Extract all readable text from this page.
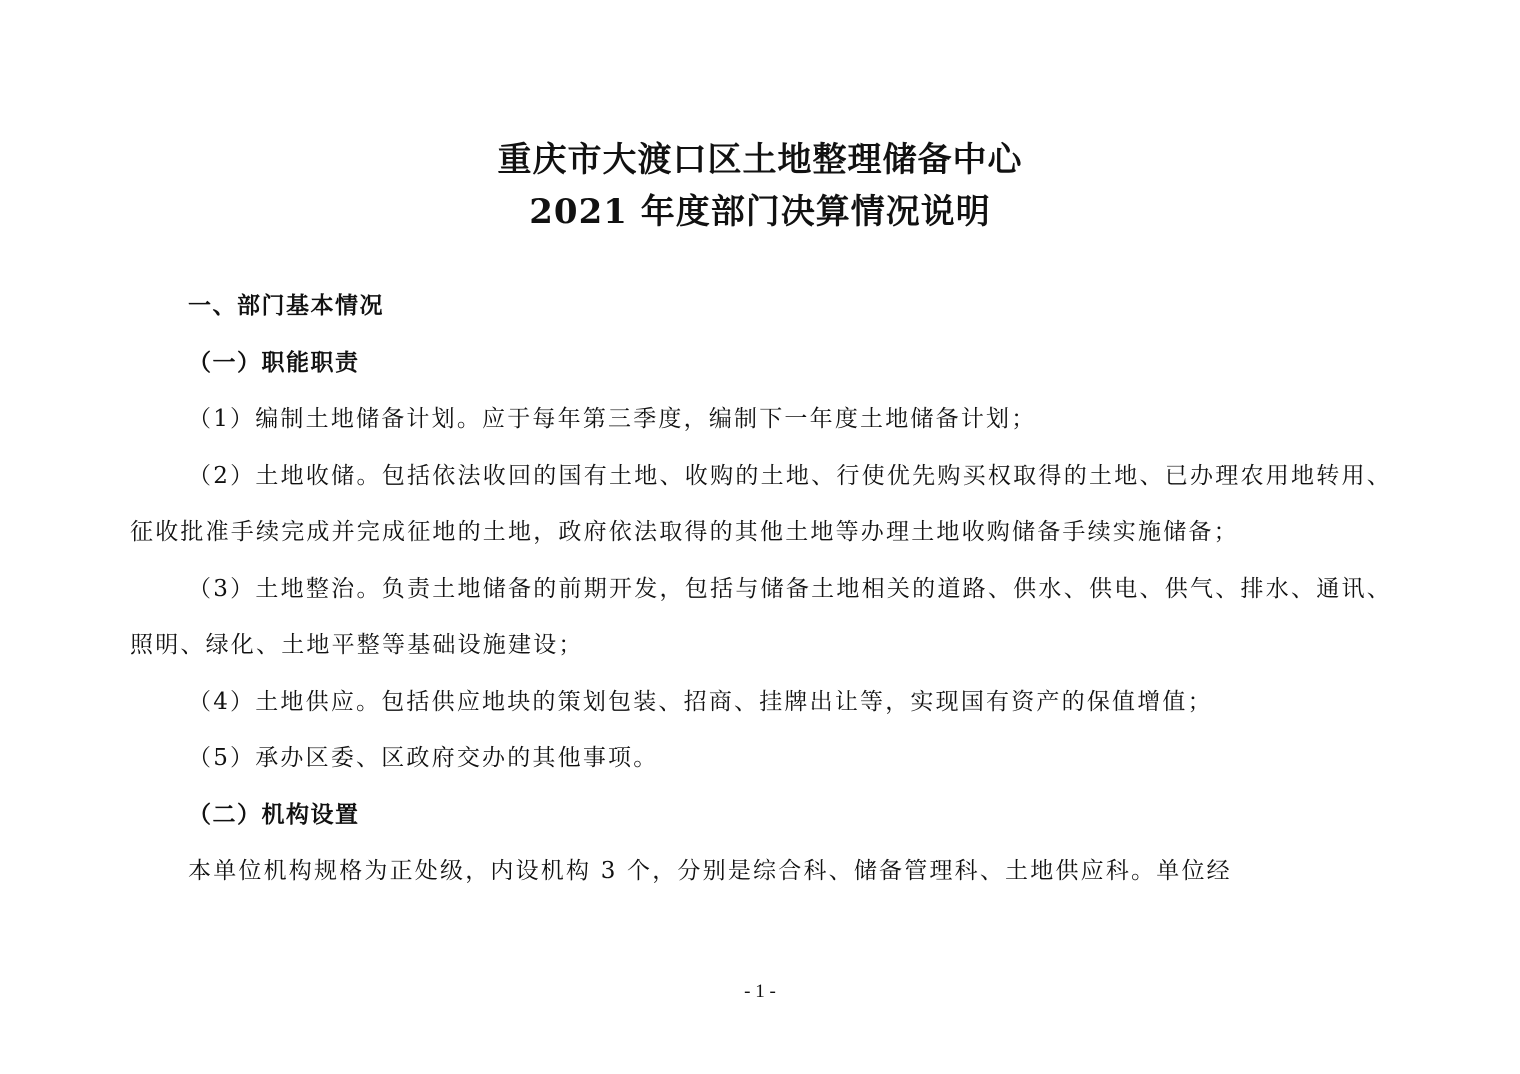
重庆市大渡口区土地整理储备中心
2021 年度部门决算情况说明

一、部门基本情况

（一）职能职责

（1）编制土地储备计划。应于每年第三季度，编制下一年度土地储备计划；

（2）土地收储。包括依法收回的国有土地、收购的土地、行使优先购买权取得的土地、已办理农用地转用、征收批准手续完成并完成征地的土地，政府依法取得的其他土地等办理土地收购储备手续实施储备；

（3）土地整治。负责土地储备的前期开发，包括与储备土地相关的道路、供水、供电、供气、排水、通讯、照明、绿化、土地平整等基础设施建设；

（4）土地供应。包括供应地块的策划包装、招商、挂牌出让等，实现国有资产的保值增值；

（5）承办区委、区政府交办的其他事项。

（二）机构设置

本单位机构规格为正处级，内设机构 3 个，分别是综合科、储备管理科、土地供应科。单位经

- 1 -
